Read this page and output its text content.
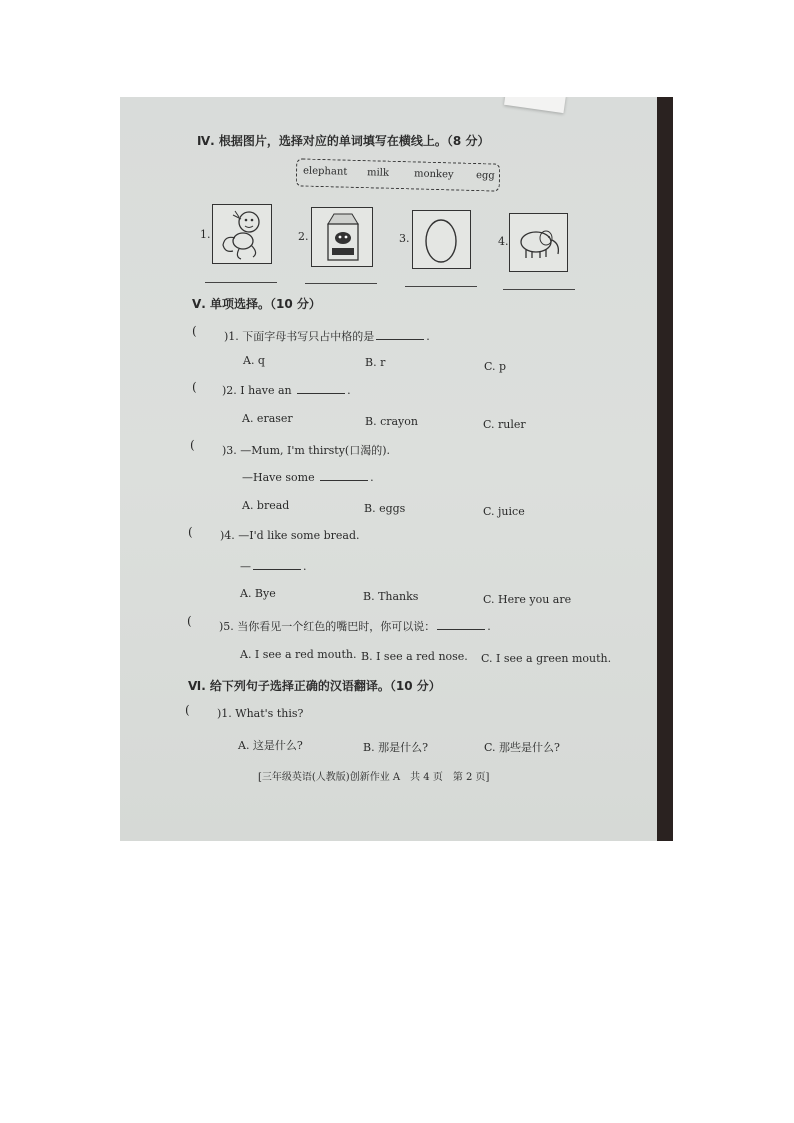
Ⅳ. 根据图片，选择对应的单词填写在横线上。（8 分）
elephant milk monkey egg
1.	2.	3.	4.
Ⅴ. 单项选择。（10 分）
( )1. 下面字母书写只占中格的是	.
A. q	B. r	C. p
( )2. I have an	.
A. eraser	B. crayon	C. ruler
( )3. —Mum, I'm thirsty(口渴的).
—Have some	.
A. bread	B. eggs	C. juice
( )4. —I'd like some bread.
—	.
A. Bye	B. Thanks	C. Here you are
( )5. 当你看见一个红色的嘴巴时，你可以说：	.
A. I see a red mouth. B. I see a red nose. C. I see a green mouth.
Ⅵ. 给下列句子选择正确的汉语翻译。（10 分）
( )1. What's this?
A. 这是什么?	B. 那是什么?	C. 那些是什么?
[三年级英语(人教版)创新作业 A　共 4 页　第 2 页]
